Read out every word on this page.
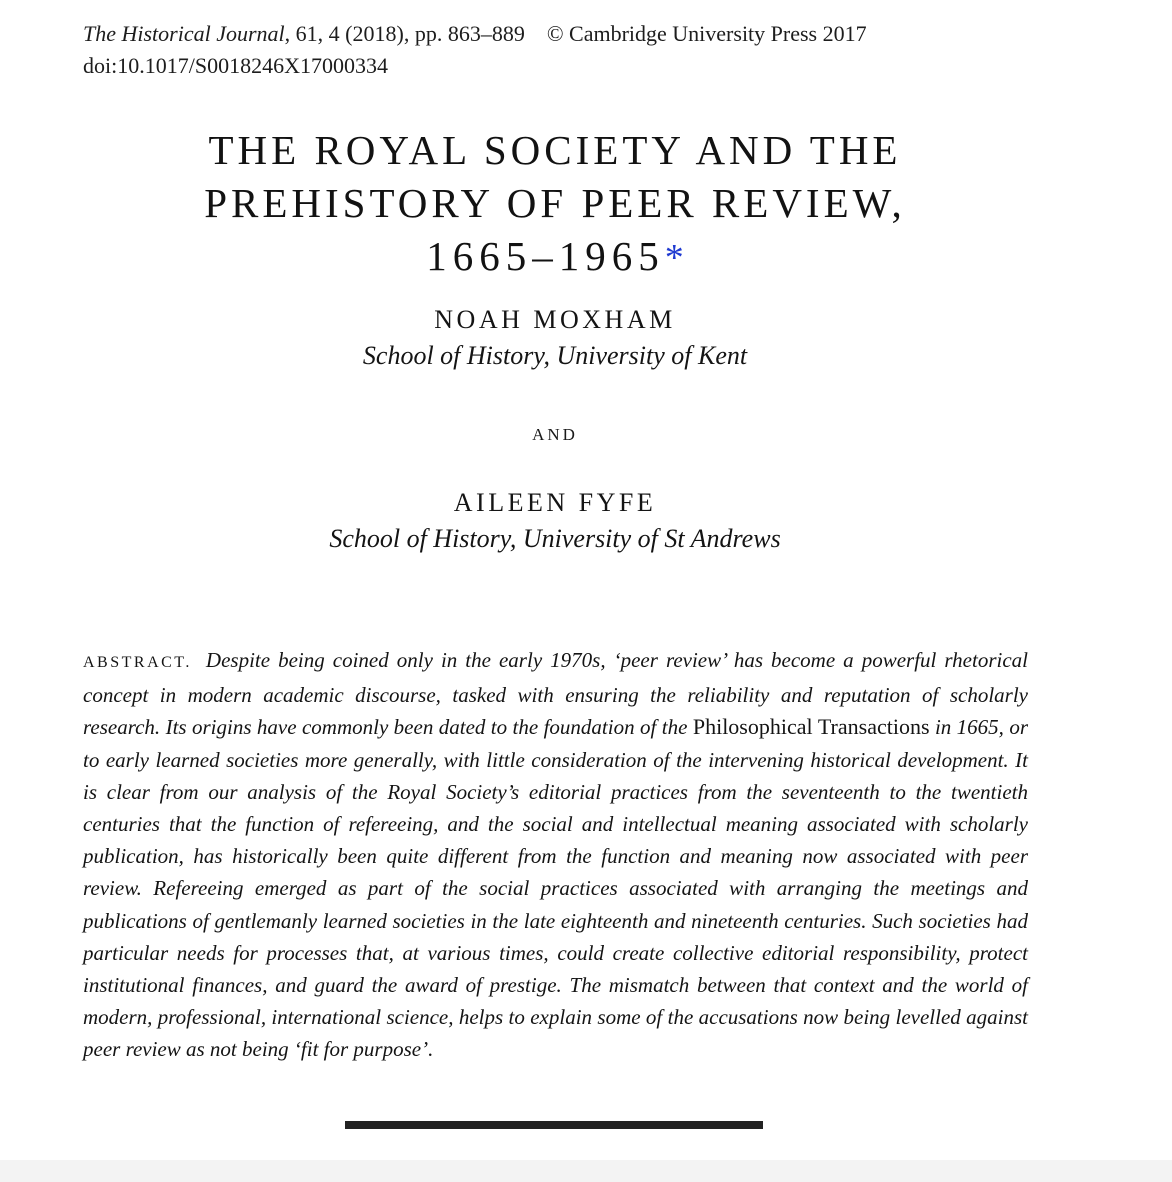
The Historical Journal, 61, 4 (2018), pp. 863–889 © Cambridge University Press 2017
doi:10.1017/S0018246X17000334
THE ROYAL SOCIETY AND THE
PREHISTORY OF PEER REVIEW,
1665–1965*
NOAH MOXHAM
School of History, University of Kent
AND
AILEEN FYFE
School of History, University of St Andrews
ABSTRACT. Despite being coined only in the early 1970s, ‘peer review’ has become a powerful rhetorical concept in modern academic discourse, tasked with ensuring the reliability and reputation of scholarly research. Its origins have commonly been dated to the foundation of the Philosophical Transactions in 1665, or to early learned societies more generally, with little consideration of the intervening historical development. It is clear from our analysis of the Royal Society’s editorial practices from the seventeenth to the twentieth centuries that the function of refereeing, and the social and intellectual meaning associated with scholarly publication, has historically been quite different from the function and meaning now associated with peer review. Refereeing emerged as part of the social practices associated with arranging the meetings and publications of gentlemanly learned societies in the late eighteenth and nineteenth centuries. Such societies had particular needs for processes that, at various times, could create collective editorial responsibility, protect institutional finances, and guard the award of prestige. The mismatch between that context and the world of modern, professional, international science, helps to explain some of the accusations now being levelled against peer review as not being ‘fit for purpose’.
